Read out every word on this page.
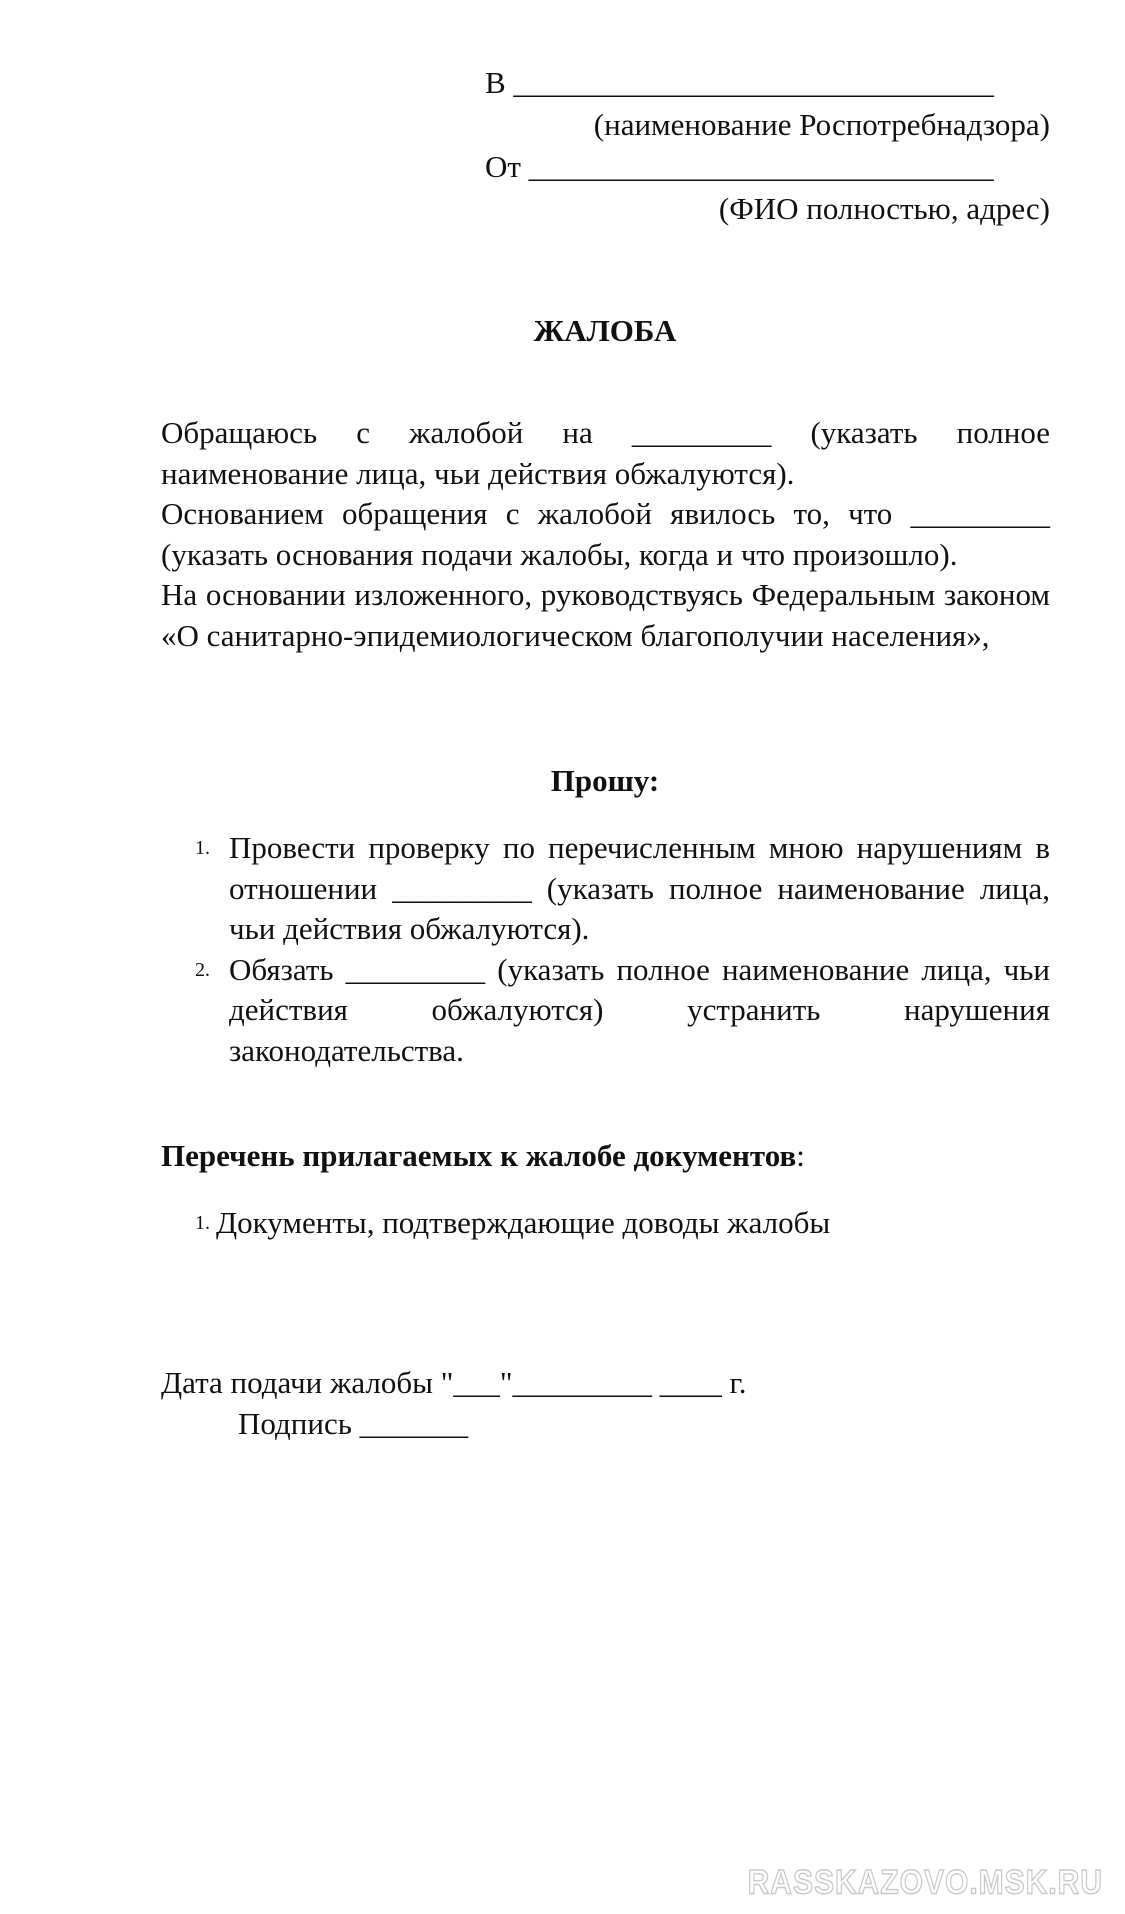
В _______________________________
(наименование Роспотребнадзора)
От ______________________________
(ФИО полностью, адрес)
ЖАЛОБА

Обращаюсь с жалобой на _________ (указать полное наименование лица, чьи действия обжалуются).

Основанием обращения с жалобой явилось то, что _________ (указать основания подачи жалобы, когда и что произошло).

На основании изложенного, руководствуясь Федеральным законом «О санитарно-эпидемиологическом благополучии населения»,

Прошу:
1. Провести проверку по перечисленным мною нарушениям в отношении _________ (указать полное наименование лица, чьи действия обжалуются).
2. Обязать _________ (указать полное наименование лица, чьи действия обжалуются) устранить нарушения законодательства.
Перечень прилагаемых к жалобе документов:
1. Документы, подтверждающие доводы жалобы
Дата подачи жалобы "___"_________ ____ г.
Подпись _______
RASSKAZOVO.MSK.RU
